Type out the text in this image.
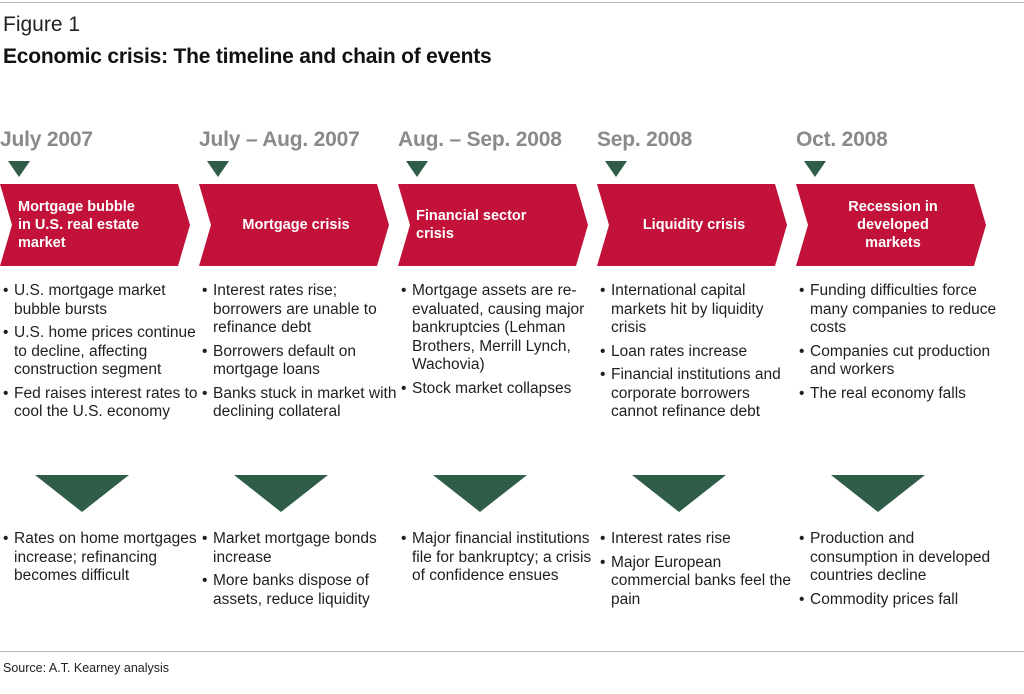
Figure 1
Economic crisis: The timeline and chain of events
July 2007
Mortgage bubble
in U.S. real estate
market
• U.S. mortgage market bubble bursts
• U.S. home prices continue to decline, affecting construction segment
• Fed raises interest rates to cool the U.S. economy
• Rates on home mortgages increase; refinancing becomes difficult
July – Aug. 2007
Mortgage crisis
• Interest rates rise; borrowers are unable to refinance debt
• Borrowers default on mortgage loans
• Banks stuck in market with declining collateral
• Market mortgage bonds increase
• More banks dispose of assets, reduce liquidity
Aug. – Sep. 2008
Financial sector
crisis
• Mortgage assets are re-evaluated, causing major bankruptcies (Lehman Brothers, Merrill Lynch, Wachovia)
• Stock market collapses
• Major financial institutions file for bankruptcy; a crisis of confidence ensues
Sep. 2008
Liquidity crisis
• International capital markets hit by liquidity crisis
• Loan rates increase
• Financial institutions and corporate borrowers cannot refinance debt
• Interest rates rise
• Major European commercial banks feel the pain
Oct. 2008
Recession in
developed
markets
• Funding difficulties force many companies to reduce costs
• Companies cut production and workers
• The real economy falls
• Production and consumption in developed countries decline
• Commodity prices fall
Source: A.T. Kearney analysis
